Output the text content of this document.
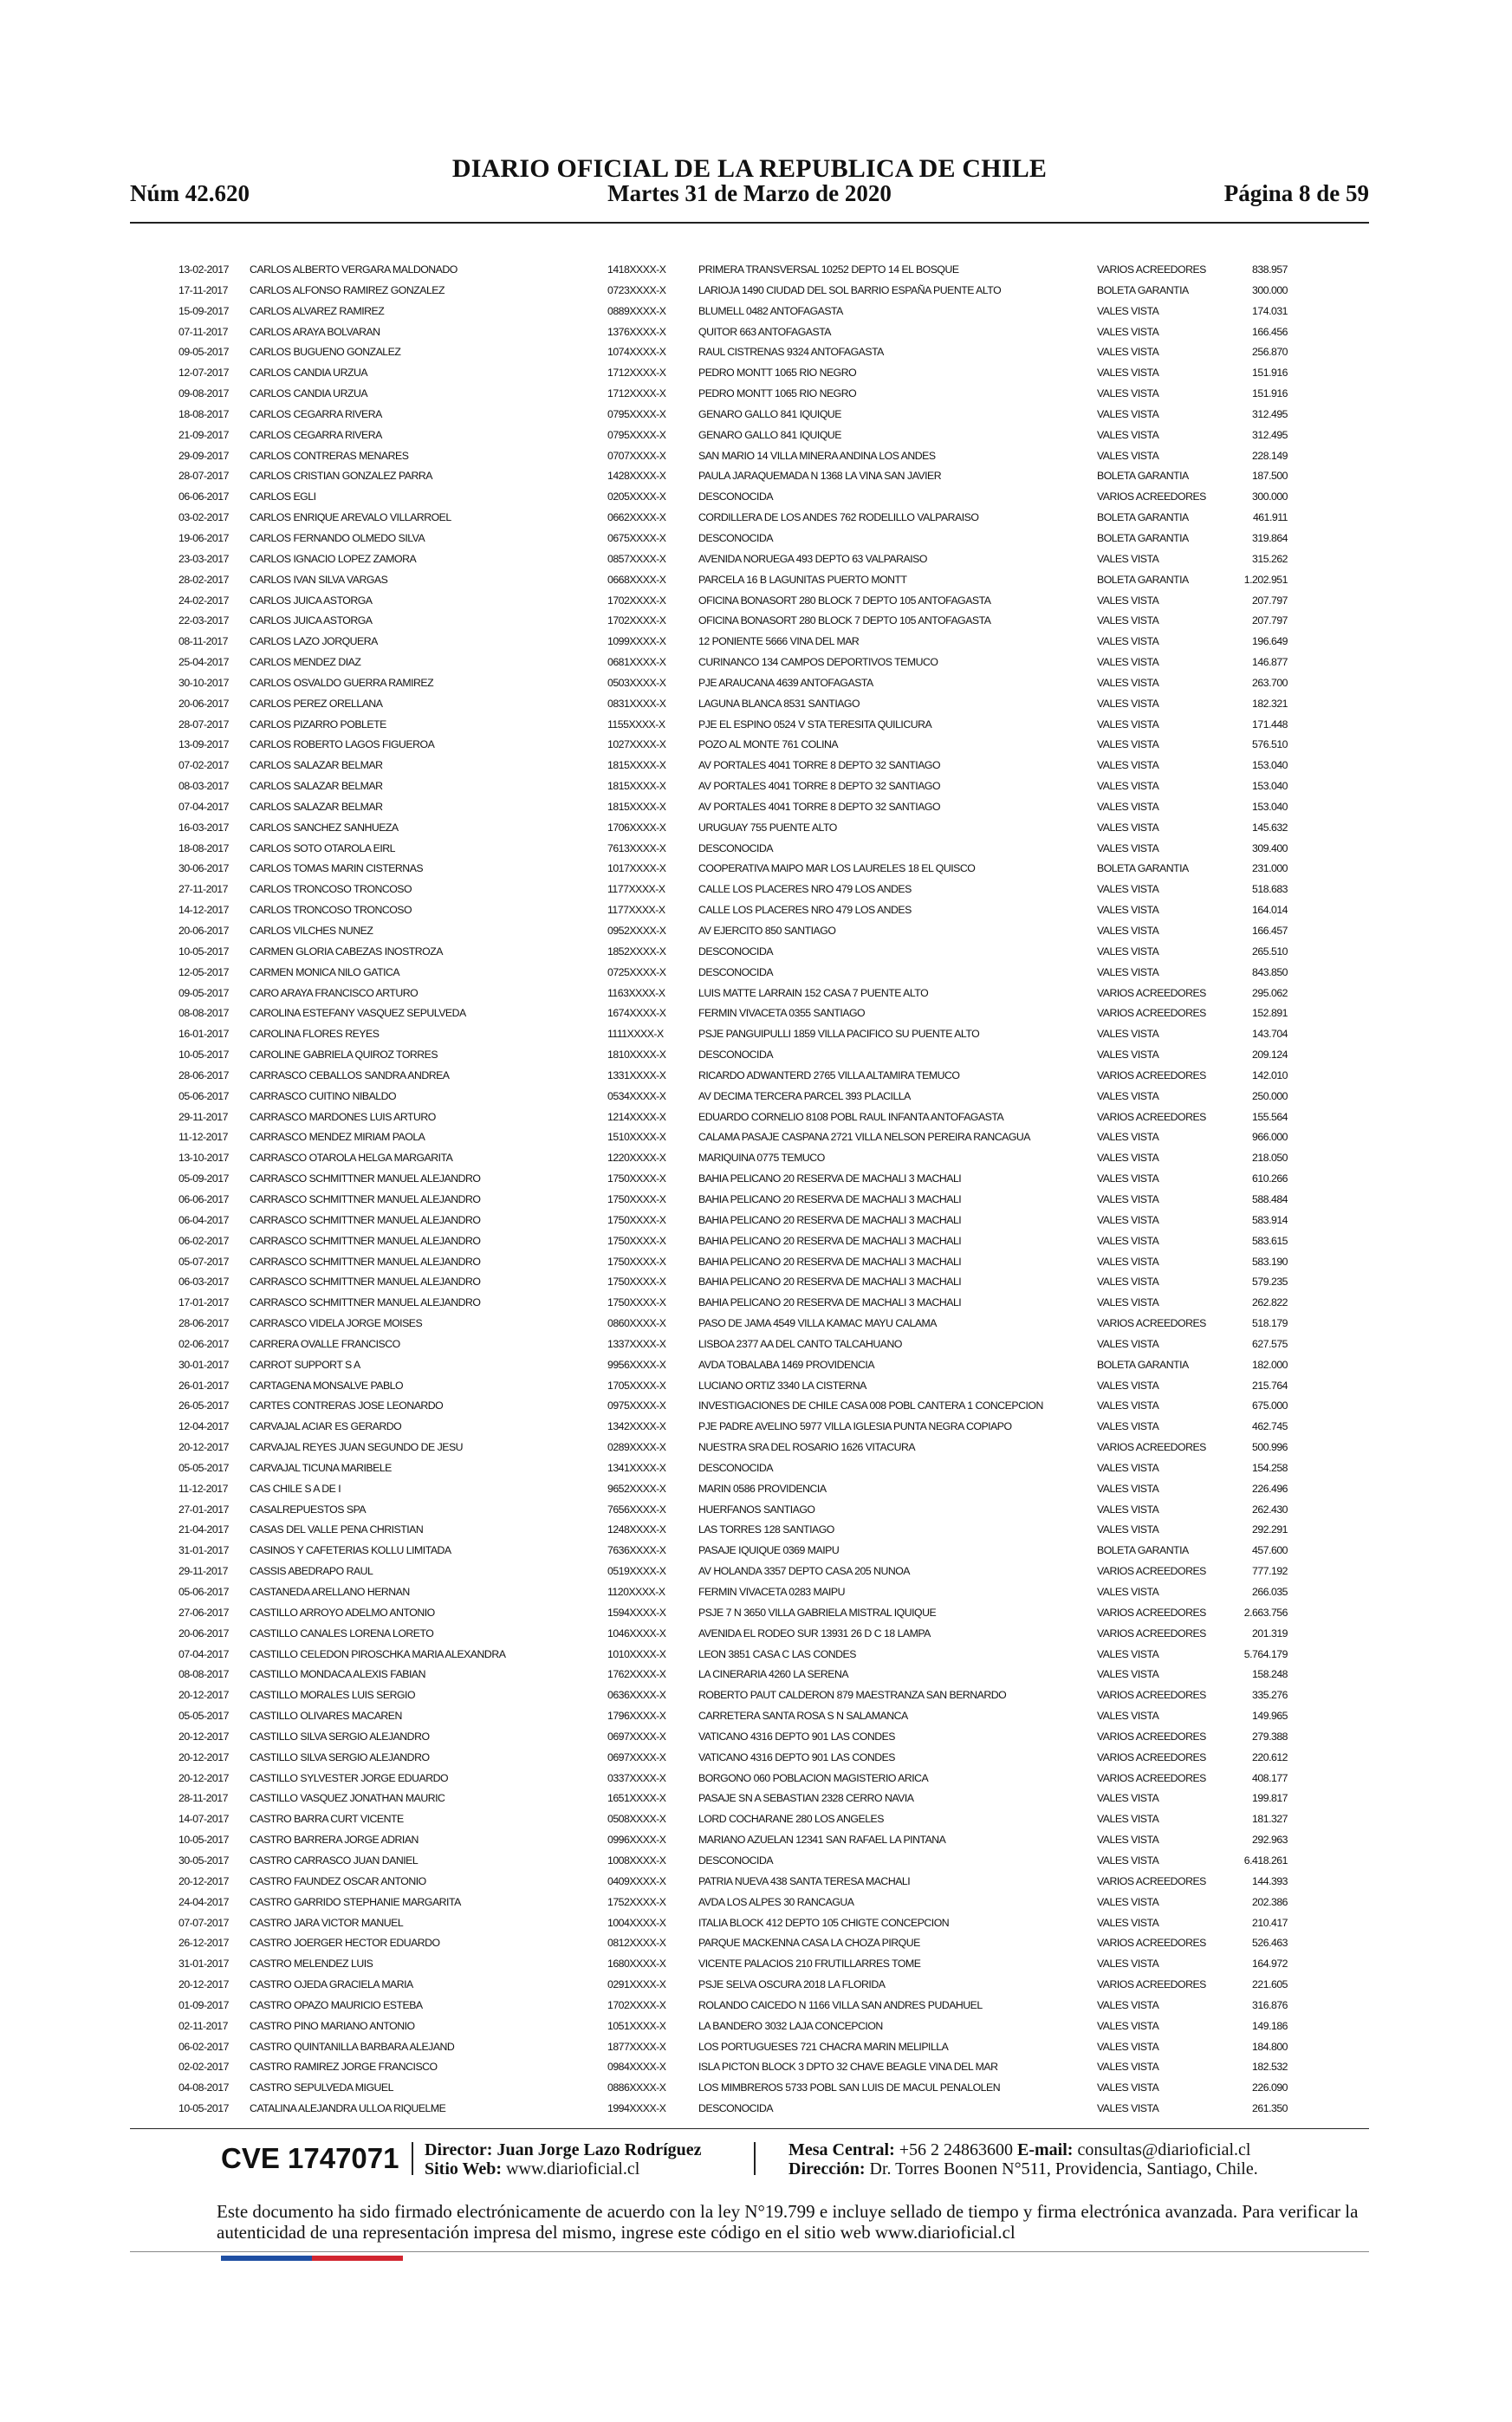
DIARIO OFICIAL DE LA REPUBLICA DE CHILE
Núm 42.620	Martes 31 de Marzo de 2020	Página 8 de 59
13-02-2017 CARLOS ALBERTO VERGARA MALDONADO	1418XXXX-X	PRIMERA TRANSVERSAL 10252 DEPTO 14 EL BOSQUE	VARIOS ACREEDORES	838.957
17-11-2017 CARLOS ALFONSO RAMIREZ GONZALEZ	0723XXXX-X	LARIOJA 1490 CIUDAD DEL SOL BARRIO ESPAÑA PUENTE ALTO	BOLETA GARANTIA	300.000
15-09-2017 CARLOS ALVAREZ RAMIREZ	0889XXXX-X	BLUMELL 0482 ANTOFAGASTA	VALES VISTA	174.031
07-11-2017 CARLOS ARAYA BOLVARAN	1376XXXX-X	QUITOR 663 ANTOFAGASTA	VALES VISTA	166.456
09-05-2017 CARLOS BUGUENO GONZALEZ	1074XXXX-X	RAUL CISTRENAS 9324 ANTOFAGASTA	VALES VISTA	256.870
12-07-2017 CARLOS CANDIA URZUA	1712XXXX-X	PEDRO MONTT 1065 RIO NEGRO	VALES VISTA	151.916
09-08-2017 CARLOS CANDIA URZUA	1712XXXX-X	PEDRO MONTT 1065 RIO NEGRO	VALES VISTA	151.916
18-08-2017 CARLOS CEGARRA RIVERA	0795XXXX-X	GENARO GALLO 841 IQUIQUE	VALES VISTA	312.495
21-09-2017 CARLOS CEGARRA RIVERA	0795XXXX-X	GENARO GALLO 841 IQUIQUE	VALES VISTA	312.495
29-09-2017 CARLOS CONTRERAS MENARES	0707XXXX-X	SAN MARIO 14 VILLA MINERA ANDINA LOS ANDES	VALES VISTA	228.149
28-07-2017 CARLOS CRISTIAN GONZALEZ PARRA	1428XXXX-X	PAULA JARAQUEMADA N 1368 LA VINA SAN JAVIER	BOLETA GARANTIA	187.500
06-06-2017 CARLOS EGLI	0205XXXX-X	DESCONOCIDA	VARIOS ACREEDORES	300.000
03-02-2017 CARLOS ENRIQUE AREVALO VILLARROEL	0662XXXX-X	CORDILLERA DE LOS ANDES 762 RODELILLO VALPARAISO	BOLETA GARANTIA	461.911
19-06-2017 CARLOS FERNANDO OLMEDO SILVA	0675XXXX-X	DESCONOCIDA	BOLETA GARANTIA	319.864
23-03-2017 CARLOS IGNACIO LOPEZ ZAMORA	0857XXXX-X	AVENIDA NORUEGA 493 DEPTO 63 VALPARAISO	VALES VISTA	315.262
28-02-2017 CARLOS IVAN SILVA VARGAS	0668XXXX-X	PARCELA 16 B LAGUNITAS PUERTO MONTT	BOLETA GARANTIA	1.202.951
24-02-2017 CARLOS JUICA ASTORGA	1702XXXX-X	OFICINA BONASORT 280 BLOCK 7 DEPTO 105 ANTOFAGASTA	VALES VISTA	207.797
22-03-2017 CARLOS JUICA ASTORGA	1702XXXX-X	OFICINA BONASORT 280 BLOCK 7 DEPTO 105 ANTOFAGASTA	VALES VISTA	207.797
08-11-2017 CARLOS LAZO JORQUERA	1099XXXX-X	12 PONIENTE 5666 VINA DEL MAR	VALES VISTA	196.649
25-04-2017 CARLOS MENDEZ DIAZ	0681XXXX-X	CURINANCO 134 CAMPOS DEPORTIVOS TEMUCO	VALES VISTA	146.877
30-10-2017 CARLOS OSVALDO GUERRA RAMIREZ	0503XXXX-X	PJE ARAUCANA 4639 ANTOFAGASTA	VALES VISTA	263.700
20-06-2017 CARLOS PEREZ ORELLANA	0831XXXX-X	LAGUNA BLANCA 8531 SANTIAGO	VALES VISTA	182.321
28-07-2017 CARLOS PIZARRO POBLETE	1155XXXX-X	PJE EL ESPINO 0524 V STA TERESITA QUILICURA	VALES VISTA	171.448
13-09-2017 CARLOS ROBERTO LAGOS FIGUEROA	1027XXXX-X	POZO AL MONTE 761 COLINA	VALES VISTA	576.510
07-02-2017 CARLOS SALAZAR BELMAR	1815XXXX-X	AV PORTALES 4041 TORRE 8 DEPTO 32 SANTIAGO	VALES VISTA	153.040
08-03-2017 CARLOS SALAZAR BELMAR	1815XXXX-X	AV PORTALES 4041 TORRE 8 DEPTO 32 SANTIAGO	VALES VISTA	153.040
07-04-2017 CARLOS SALAZAR BELMAR	1815XXXX-X	AV PORTALES 4041 TORRE 8 DEPTO 32 SANTIAGO	VALES VISTA	153.040
16-03-2017 CARLOS SANCHEZ SANHUEZA	1706XXXX-X	URUGUAY 755 PUENTE ALTO	VALES VISTA	145.632
18-08-2017 CARLOS SOTO OTAROLA EIRL	7613XXXX-X	DESCONOCIDA	VALES VISTA	309.400
30-06-2017 CARLOS TOMAS MARIN CISTERNAS	1017XXXX-X	COOPERATIVA MAIPO MAR LOS LAURELES 18 EL QUISCO	BOLETA GARANTIA	231.000
27-11-2017 CARLOS TRONCOSO TRONCOSO	1177XXXX-X	CALLE LOS PLACERES NRO 479 LOS ANDES	VALES VISTA	518.683
14-12-2017 CARLOS TRONCOSO TRONCOSO	1177XXXX-X	CALLE LOS PLACERES NRO 479 LOS ANDES	VALES VISTA	164.014
20-06-2017 CARLOS VILCHES NUNEZ	0952XXXX-X	AV EJERCITO 850 SANTIAGO	VALES VISTA	166.457
10-05-2017 CARMEN GLORIA CABEZAS INOSTROZA	1852XXXX-X	DESCONOCIDA	VALES VISTA	265.510
12-05-2017 CARMEN MONICA NILO GATICA	0725XXXX-X	DESCONOCIDA	VALES VISTA	843.850
09-05-2017 CARO ARAYA FRANCISCO ARTURO	1163XXXX-X	LUIS MATTE LARRAIN 152 CASA 7 PUENTE ALTO	VARIOS ACREEDORES	295.062
08-08-2017 CAROLINA ESTEFANY VASQUEZ SEPULVEDA	1674XXXX-X	FERMIN VIVACETA 0355 SANTIAGO	VARIOS ACREEDORES	152.891
16-01-2017 CAROLINA FLORES REYES	1111XXXX-X	PSJE PANGUIPULLI 1859 VILLA PACIFICO SU PUENTE ALTO	VALES VISTA	143.704
10-05-2017 CAROLINE GABRIELA QUIROZ TORRES	1810XXXX-X	DESCONOCIDA	VALES VISTA	209.124
28-06-2017 CARRASCO CEBALLOS SANDRA ANDREA	1331XXXX-X	RICARDO ADWANTERD 2765 VILLA ALTAMIRA TEMUCO	VARIOS ACREEDORES	142.010
05-06-2017 CARRASCO CUITINO NIBALDO	0534XXXX-X	AV DECIMA TERCERA PARCEL 393 PLACILLA	VALES VISTA	250.000
29-11-2017 CARRASCO MARDONES LUIS ARTURO	1214XXXX-X	EDUARDO CORNELIO 8108 POBL RAUL INFANTA ANTOFAGASTA	VARIOS ACREEDORES	155.564
11-12-2017 CARRASCO MENDEZ MIRIAM PAOLA	1510XXXX-X	CALAMA PASAJE CASPANA 2721 VILLA NELSON PEREIRA RANCAGUA	VALES VISTA	966.000
13-10-2017 CARRASCO OTAROLA HELGA MARGARITA	1220XXXX-X	MARIQUINA 0775 TEMUCO	VALES VISTA	218.050
05-09-2017 CARRASCO SCHMITTNER MANUEL ALEJANDRO	1750XXXX-X	BAHIA PELICANO 20 RESERVA DE MACHALI 3 MACHALI	VALES VISTA	610.266
06-06-2017 CARRASCO SCHMITTNER MANUEL ALEJANDRO	1750XXXX-X	BAHIA PELICANO 20 RESERVA DE MACHALI 3 MACHALI	VALES VISTA	588.484
06-04-2017 CARRASCO SCHMITTNER MANUEL ALEJANDRO	1750XXXX-X	BAHIA PELICANO 20 RESERVA DE MACHALI 3 MACHALI	VALES VISTA	583.914
06-02-2017 CARRASCO SCHMITTNER MANUEL ALEJANDRO	1750XXXX-X	BAHIA PELICANO 20 RESERVA DE MACHALI 3 MACHALI	VALES VISTA	583.615
05-07-2017 CARRASCO SCHMITTNER MANUEL ALEJANDRO	1750XXXX-X	BAHIA PELICANO 20 RESERVA DE MACHALI 3 MACHALI	VALES VISTA	583.190
06-03-2017 CARRASCO SCHMITTNER MANUEL ALEJANDRO	1750XXXX-X	BAHIA PELICANO 20 RESERVA DE MACHALI 3 MACHALI	VALES VISTA	579.235
17-01-2017 CARRASCO SCHMITTNER MANUEL ALEJANDRO	1750XXXX-X	BAHIA PELICANO 20 RESERVA DE MACHALI 3 MACHALI	VALES VISTA	262.822
28-06-2017 CARRASCO VIDELA JORGE MOISES	0860XXXX-X	PASO DE JAMA 4549 VILLA KAMAC MAYU CALAMA	VARIOS ACREEDORES	518.179
02-06-2017 CARRERA OVALLE FRANCISCO	1337XXXX-X	LISBOA 2377 AA DEL CANTO TALCAHUANO	VALES VISTA	627.575
30-01-2017 CARROT SUPPORT S A	9956XXXX-X	AVDA TOBALABA 1469 PROVIDENCIA	BOLETA GARANTIA	182.000
26-01-2017 CARTAGENA MONSALVE PABLO	1705XXXX-X	LUCIANO ORTIZ 3340 LA CISTERNA	VALES VISTA	215.764
26-05-2017 CARTES CONTRERAS JOSE LEONARDO	0975XXXX-X	INVESTIGACIONES DE CHILE CASA 008 POBL CANTERA 1 CONCEPCION	VALES VISTA	675.000
12-04-2017 CARVAJAL ACIAR ES GERARDO	1342XXXX-X	PJE PADRE AVELINO 5977 VILLA IGLESIA PUNTA NEGRA COPIAPO	VALES VISTA	462.745
20-12-2017 CARVAJAL REYES JUAN SEGUNDO DE JESU	0289XXXX-X	NUESTRA SRA DEL ROSARIO 1626 VITACURA	VARIOS ACREEDORES	500.996
05-05-2017 CARVAJAL TICUNA MARIBELE	1341XXXX-X	DESCONOCIDA	VALES VISTA	154.258
11-12-2017 CAS CHILE S A DE I	9652XXXX-X	MARIN 0586 PROVIDENCIA	VALES VISTA	226.496
27-01-2017 CASALREPUESTOS SPA	7656XXXX-X	HUERFANOS SANTIAGO	VALES VISTA	262.430
21-04-2017 CASAS DEL VALLE PENA CHRISTIAN	1248XXXX-X	LAS TORRES 128 SANTIAGO	VALES VISTA	292.291
31-01-2017 CASINOS Y CAFETERIAS KOLLU LIMITADA	7636XXXX-X	PASAJE IQUIQUE 0369 MAIPU	BOLETA GARANTIA	457.600
29-11-2017 CASSIS ABEDRAPO RAUL	0519XXXX-X	AV HOLANDA 3357 DEPTO CASA 205 NUNOA	VARIOS ACREEDORES	777.192
05-06-2017 CASTANEDA ARELLANO HERNAN	1120XXXX-X	FERMIN VIVACETA 0283 MAIPU	VALES VISTA	266.035
27-06-2017 CASTILLO ARROYO ADELMO ANTONIO	1594XXXX-X	PSJE 7 N 3650 VILLA GABRIELA MISTRAL IQUIQUE	VARIOS ACREEDORES	2.663.756
20-06-2017 CASTILLO CANALES LORENA LORETO	1046XXXX-X	AVENIDA EL RODEO SUR 13931 26 D C 18 LAMPA	VARIOS ACREEDORES	201.319
07-04-2017 CASTILLO CELEDON PIROSCHKA MARIA ALEXANDRA	1010XXXX-X	LEON 3851 CASA C LAS CONDES	VALES VISTA	5.764.179
08-08-2017 CASTILLO MONDACA ALEXIS FABIAN	1762XXXX-X	LA CINERARIA 4260 LA SERENA	VALES VISTA	158.248
20-12-2017 CASTILLO MORALES LUIS SERGIO	0636XXXX-X	ROBERTO PAUT CALDERON 879 MAESTRANZA SAN BERNARDO	VARIOS ACREEDORES	335.276
05-05-2017 CASTILLO OLIVARES MACAREN	1796XXXX-X	CARRETERA SANTA ROSA S N SALAMANCA	VALES VISTA	149.965
20-12-2017 CASTILLO SILVA SERGIO ALEJANDRO	0697XXXX-X	VATICANO 4316 DEPTO 901 LAS CONDES	VARIOS ACREEDORES	279.388
20-12-2017 CASTILLO SILVA SERGIO ALEJANDRO	0697XXXX-X	VATICANO 4316 DEPTO 901 LAS CONDES	VARIOS ACREEDORES	220.612
20-12-2017 CASTILLO SYLVESTER JORGE EDUARDO	0337XXXX-X	BORGONO 060 POBLACION MAGISTERIO ARICA	VARIOS ACREEDORES	408.177
28-11-2017 CASTILLO VASQUEZ JONATHAN MAURIC	1651XXXX-X	PASAJE SN A SEBASTIAN 2328 CERRO NAVIA	VALES VISTA	199.817
14-07-2017 CASTRO BARRA CURT VICENTE	0508XXXX-X	LORD COCHARANE 280 LOS ANGELES	VALES VISTA	181.327
10-05-2017 CASTRO BARRERA JORGE ADRIAN	0996XXXX-X	MARIANO AZUELAN 12341 SAN RAFAEL LA PINTANA	VALES VISTA	292.963
30-05-2017 CASTRO CARRASCO JUAN DANIEL	1008XXXX-X	DESCONOCIDA	VALES VISTA	6.418.261
20-12-2017 CASTRO FAUNDEZ OSCAR ANTONIO	0409XXXX-X	PATRIA NUEVA 438 SANTA TERESA MACHALI	VARIOS ACREEDORES	144.393
24-04-2017 CASTRO GARRIDO STEPHANIE MARGARITA	1752XXXX-X	AVDA LOS ALPES 30 RANCAGUA	VALES VISTA	202.386
07-07-2017 CASTRO JARA VICTOR MANUEL	1004XXXX-X	ITALIA BLOCK 412 DEPTO 105 CHIGTE CONCEPCION	VALES VISTA	210.417
26-12-2017 CASTRO JOERGER HECTOR EDUARDO	0812XXXX-X	PARQUE MACKENNA CASA LA CHOZA PIRQUE	VARIOS ACREEDORES	526.463
31-01-2017 CASTRO MELENDEZ LUIS	1680XXXX-X	VICENTE PALACIOS 210 FRUTILLARRES TOME	VALES VISTA	164.972
20-12-2017 CASTRO OJEDA GRACIELA MARIA	0291XXXX-X	PSJE SELVA OSCURA 2018 LA FLORIDA	VARIOS ACREEDORES	221.605
01-09-2017 CASTRO OPAZO MAURICIO ESTEBA	1702XXXX-X	ROLANDO CAICEDO N 1166 VILLA SAN ANDRES PUDAHUEL	VALES VISTA	316.876
02-11-2017 CASTRO PINO MARIANO ANTONIO	1051XXXX-X	LA BANDERO 3032 LAJA CONCEPCION	VALES VISTA	149.186
06-02-2017 CASTRO QUINTANILLA BARBARA ALEJAND	1877XXXX-X	LOS PORTUGUESES 721 CHACRA MARIN MELIPILLA	VALES VISTA	184.800
02-02-2017 CASTRO RAMIREZ JORGE FRANCISCO	0984XXXX-X	ISLA PICTON BLOCK 3 DPTO 32 CHAVE BEAGLE VINA DEL MAR	VALES VISTA	182.532
04-08-2017 CASTRO SEPULVEDA MIGUEL	0886XXXX-X	LOS MIMBREROS 5733 POBL SAN LUIS DE MACUL PENALOLEN	VALES VISTA	226.090
10-05-2017 CATALINA ALEJANDRA ULLOA RIQUELME	1994XXXX-X	DESCONOCIDA	VALES VISTA	261.350
CVE 1747071 Director: Juan Jorge Lazo Rodríguez
Sitio Web: www.diarioficial.cl
Mesa Central: +56 2 24863600 E-mail: consultas@diarioficial.cl
Dirección: Dr. Torres Boonen N°511, Providencia, Santiago, Chile.
Este documento ha sido firmado electrónicamente de acuerdo con la ley N°19.799 e incluye sellado de tiempo y firma electrónica avanzada. Para verificar la autenticidad de una representación impresa del mismo, ingrese este código en el sitio web www.diarioficial.cl
